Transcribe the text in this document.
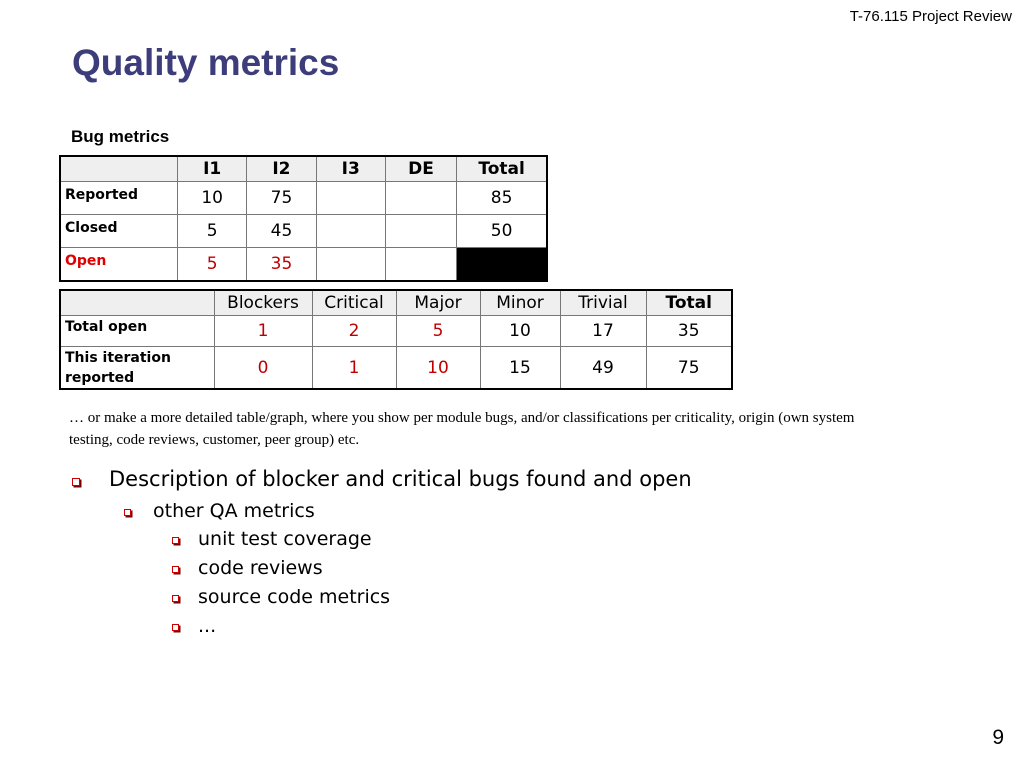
T-76.115 Project Review
Quality metrics
Bug metrics
	I1	I2	I3	DE	Total
Reported	10	75			85
Closed	5	45			50
Open	5	35			
	Blockers	Critical	Major	Minor	Trivial	Total
Total open	1	2	5	10	17	35
This iteration reported	0	1	10	15	49	75
… or make a more detailed table/graph, where you show per module bugs, and/or classifications per criticality, origin (own system testing, code reviews, customer, peer group) etc.
Description of blocker and critical bugs found and open
other QA metrics
unit test coverage
code reviews
source code metrics
...
9
